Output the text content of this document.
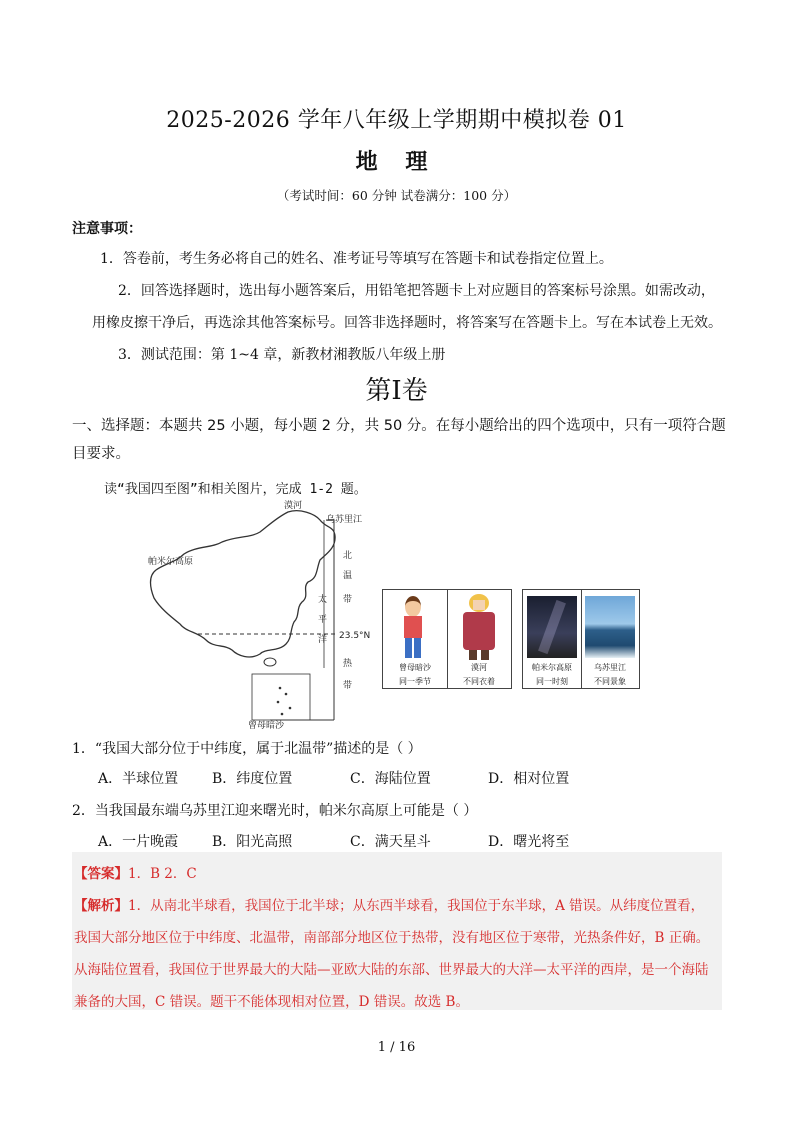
2025-2026 学年八年级上学期期中模拟卷 01
地 理
（考试时间：60 分钟 试卷满分：100 分）
注意事项：
1．答卷前，考生务必将自己的姓名、准考证号等填写在答题卡和试卷指定位置上。
2．回答选择题时，选出每小题答案后，用铅笔把答题卡上对应题目的答案标号涂黑。如需改动，
用橡皮擦干净后，再选涂其他答案标号。回答非选择题时，将答案写在答题卡上。写在本试卷上无效。
3．测试范围：第 1~4 章，新教材湘教版八年级上册
第Ⅰ卷
一、选择题：本题共 25 小题，每小题 2 分，共 50 分。在每小题给出的四个选项中，只有一项符合题目要求。
读“我国四至图”和相关图片，完成 1-2 题。
漠河
乌苏里江
帕米尔高原
23.5°N
曾母暗沙
北
温
带
太
平
洋
热
带
曾母暗沙	漠河
同一季节	不同衣着
帕米尔高原	乌苏里江
同一时刻	不同景象
1．“我国大部分位于中纬度，属于北温带”描述的是（ ）
A．半球位置 B．纬度位置	C．海陆位置	D．相对位置
2．当我国最东端乌苏里江迎来曙光时，帕米尔高原上可能是（ ）
A．一片晚霞 B．阳光高照	C．满天星斗	D．曙光将至
【答案】1．B 2．C
【解析】1．从南北半球看，我国位于北半球；从东西半球看，我国位于东半球，A 错误。从纬度位置看，
我国大部分地区位于中纬度、北温带，南部部分地区位于热带，没有地区位于寒带，光热条件好，B 正确。
从海陆位置看，我国位于世界最大的大陆—亚欧大陆的东部、世界最大的大洋—太平洋的西岸，是一个海陆
兼备的大国，C 错误。题干不能体现相对位置，D 错误。故选 B。
1 / 16
